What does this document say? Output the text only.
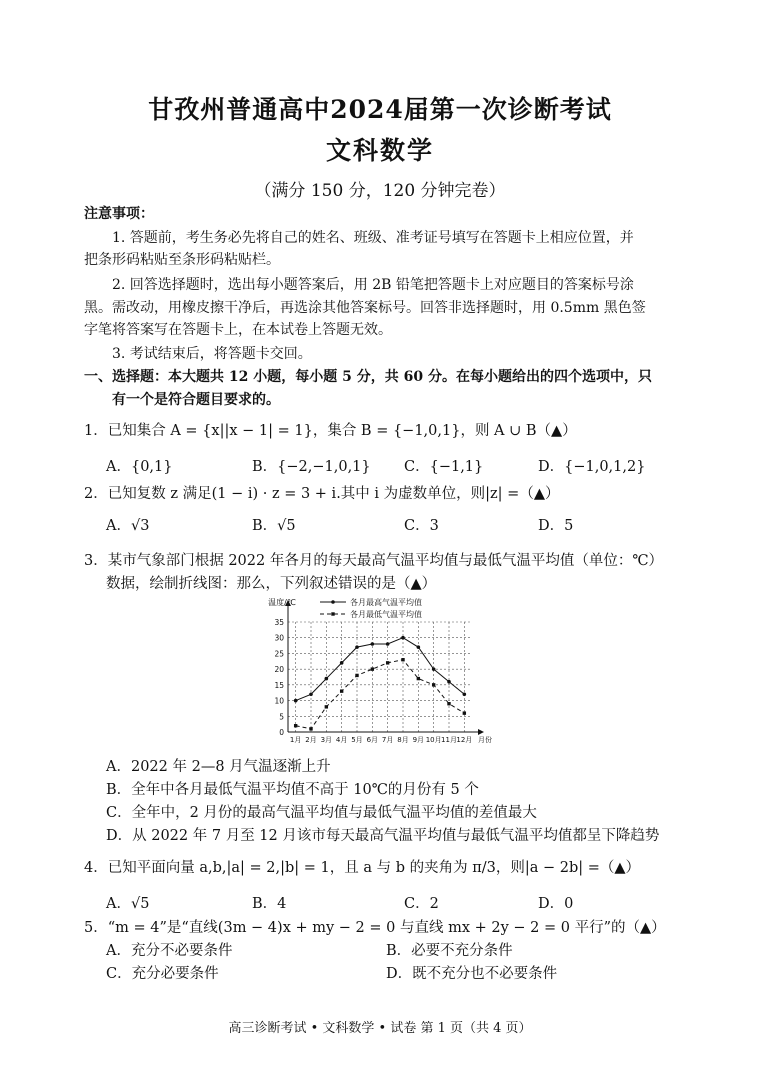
甘孜州普通高中2024届第一次诊断考试
文科数学
（满分 150 分，120 分钟完卷）
注意事项：
1. 答题前，考生务必先将自己的姓名、班级、准考证号填写在答题卡上相应位置，并
把条形码粘贴至条形码粘贴栏。
2. 回答选择题时，选出每小题答案后，用 2B 铅笔把答题卡上对应题目的答案标号涂
黑。需改动，用橡皮擦干净后，再选涂其他答案标号。回答非选择题时，用 0.5mm 黑色签
字笔将答案写在答题卡上，在本试卷上答题无效。
3. 考试结束后，将答题卡交回。
一、选择题：本大题共 12 小题，每小题 5 分，共 60 分。在每小题给出的四个选项中，只
有一个是符合题目要求的。
1．已知集合 A = {x||x − 1| = 1}，集合 B = {−1,0,1}，则 A ∪ B（▲）
A．{0,1}	B．{−2,−1,0,1} C．{−1,1}	D．{−1,0,1,2}
2．已知复数 z 满足(1 − i) · z = 3 + i.其中 i 为虚数单位，则|z| =（▲）
A．√3	B．√5	C．3	D．5
3．某市气象部门根据 2022 年各月的每天最高气温平均值与最低气温平均值（单位：℃）
数据，绘制折线图：那么，下列叙述错误的是（▲）
0
5
10
15
20
25
30
35
1月 2月 3月 4月 5月 6月 7月 8月 9月 10月 11月 12月 月份
温度/℃	各月最高气温平均值
各月最低气温平均值
A．2022 年 2—8 月气温逐渐上升
B．全年中各月最低气温平均值不高于 10℃的月份有 5 个
C．全年中，2 月份的最高气温平均值与最低气温平均值的差值最大
D．从 2022 年 7 月至 12 月该市每天最高气温平均值与最低气温平均值都呈下降趋势
4．已知平面向量 a,b,|a| = 2,|b| = 1，且 a 与 b 的夹角为 π/3，则|a − 2b| =（▲）
A．√5	B．4	C．2	D．0
5．“m = 4”是“直线(3m − 4)x + my − 2 = 0 与直线 mx + 2y − 2 = 0 平行”的（▲）
A．充分不必要条件	B．必要不充分条件
C．充分必要条件	D．既不充分也不必要条件
高三诊断考试 • 文科数学 • 试卷 第 1 页（共 4 页）
